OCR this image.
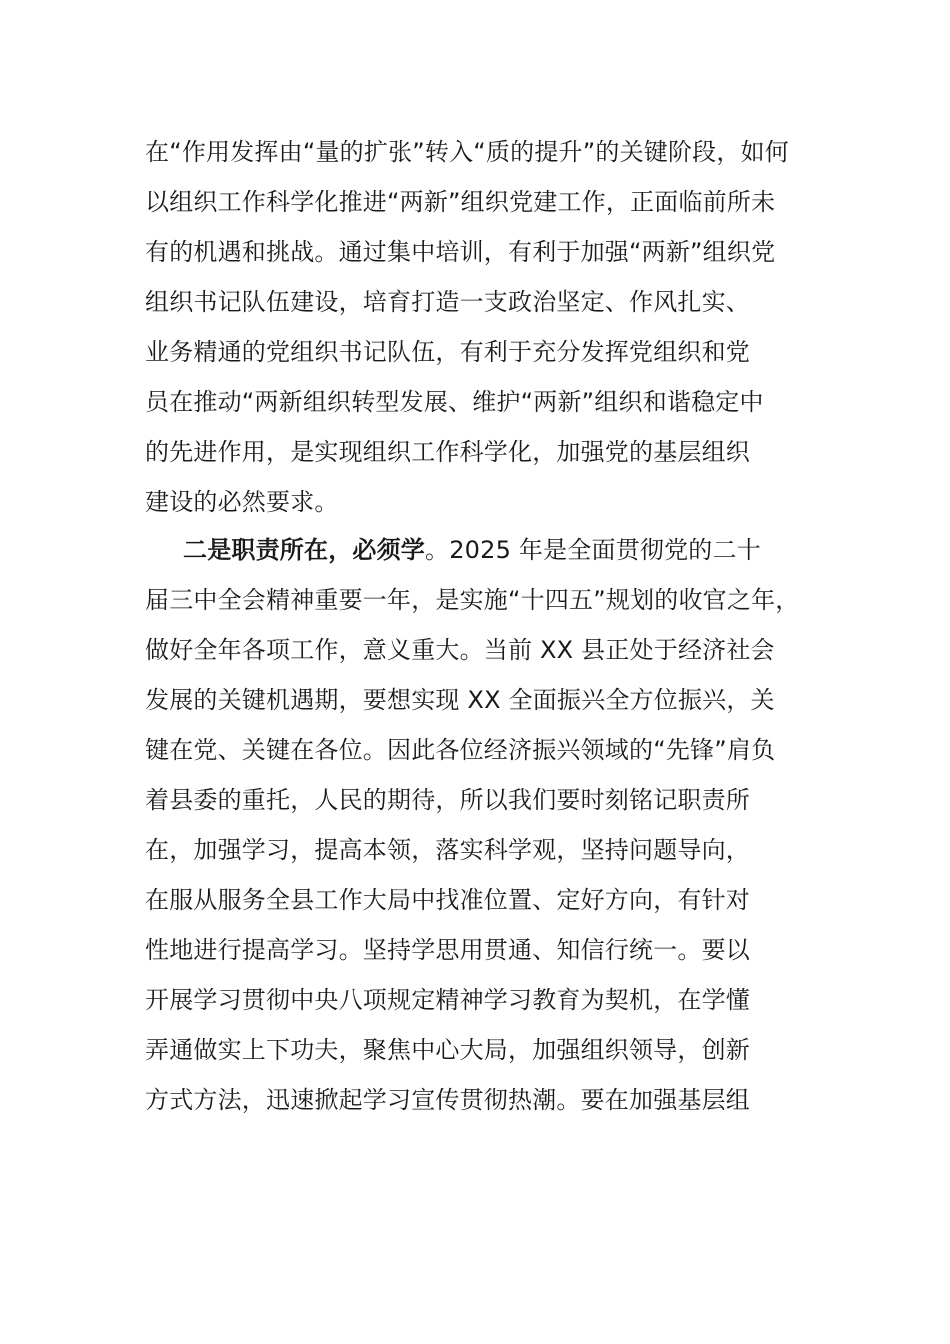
在“作用发挥由“量的扩张”转入“质的提升”的关键阶段，如何
以组织工作科学化推进“两新”组织党建工作，正面临前所未
有的机遇和挑战。通过集中培训，有利于加强“两新”组织党
组织书记队伍建设，培育打造一支政治坚定、作风扎实、
业务精通的党组织书记队伍，有利于充分发挥党组织和党
员在推动“两新组织转型发展、维护“两新”组织和谐稳定中
的先进作用，是实现组织工作科学化，加强党的基层组织
建设的必然要求。
二是职责所在，必须学。2025 年是全面贯彻党的二十
届三中全会精神重要一年，是实施“十四五”规划的收官之年，
做好全年各项工作，意义重大。当前 XX 县正处于经济社会
发展的关键机遇期，要想实现 XX 全面振兴全方位振兴，关
键在党、关键在各位。因此各位经济振兴领域的“先锋”肩负
着县委的重托，人民的期待，所以我们要时刻铭记职责所
在，加强学习，提高本领，落实科学观，坚持问题导向，
在服从服务全县工作大局中找准位置、定好方向，有针对
性地进行提高学习。坚持学思用贯通、知信行统一。要以
开展学习贯彻中央八项规定精神学习教育为契机，在学懂
弄通做实上下功夫，聚焦中心大局，加强组织领导，创新
方式方法，迅速掀起学习宣传贯彻热潮。要在加强基层组
